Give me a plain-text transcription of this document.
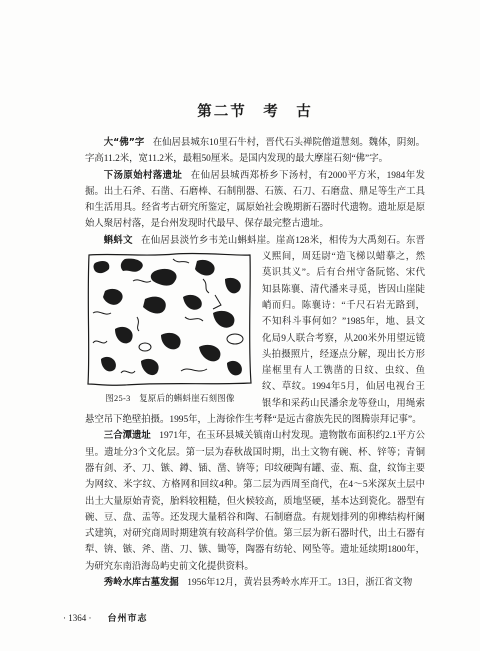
第二节　考　古
大“佛”字 在仙居县城东10里石牛村，晋代石头禅院僧道慧刻。魏体，阴刻。字高11.2米，宽11.2米，最粗50厘米。是国内发现的最大摩崖石刻“佛”字。
下汤原始村落遗址 在仙居县城西郑桥乡下汤村，有2000平方米，1984年发掘。出土石斧、石凿、石磨棒、石制削器、石簇、石刀、石磨盘、鼎足等生产工具和生活用具。经省考古研究所鉴定，属原始社会晚期新石器时代遗物。遗址原是原始人聚居村落，是台州发现时代最早、保存最完整古遗址。
图25-3　复原后的蝌蚪崖石刻图像
蝌蚪文 在仙居县淡竹乡韦羌山蝌蚪崖。崖高128米，相传为大禹刻石。东晋义熙间，周廷尉“造飞梯以蜡摹之，然莫识其义”。后有台州守备阮铭、宋代知县陈襄、清代潘来寻觅，皆因山崖陡峭而归。陈襄诗：“千尺石岩无路到，不知科斗事何如？”1985年，地、县文化局9人联合考察，从200米外用望远镜头拍摄照片，经逐点分解，现出长方形崖框里有人工镌凿的日纹、虫纹、鱼纹、草纹。1994年5月，仙居电视台王银华和采药山民潘余龙等登山，用绳索悬空吊下绝壁拍摄。1995年，上海徐作生考释“是远古畲族先民的图腾崇拜记事”。
三合潭遗址 1971年，在玉环县城关镇南山村发现。遗物散布面积约2.1平方公里。遗址分3个文化层。第一层为春秋战国时期，出土文物有碗、杯、锌等；青铜器有剑、矛、刀、镞、鐏、锸、凿、锛等；印纹硬陶有罐、壶、瓶、盘，纹饰主要为网纹、米字纹、方格网和回纹4种。第二层为西周至商代，在4～5米深灰土层中出土大量原始青瓷，胎料较粗糙，但火候较高，质地坚硬，基本达到瓷化。器型有碗、豆、盘、盂等。还发现大量稻谷和陶、石制磨盘。有规划排列的卯榫结构杆阑式建筑，对研究商周时期建筑有较高科学价值。第三层为新石器时代，出土石器有犁、锛、镞、斧、凿、刀、镞、锄等，陶器有纺轮、网坠等。遗址延续期1800年，为研究东南沿海岛屿史前文化提供资料。
秀岭水库古墓发掘 1956年12月，黄岩县秀岭水库开工。13日，浙江省文物
· 1364 · 台州市志
